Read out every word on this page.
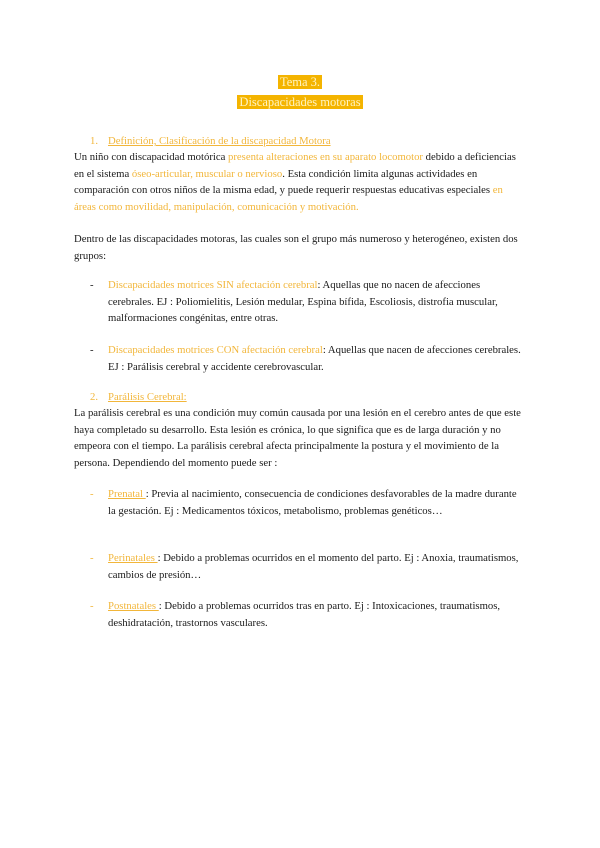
Tema 3.
Discapacidades motoras
1. Definición, Clasificación de la discapacidad Motora

Un niño con discapacidad motórica presenta alteraciones en su aparato locomotor debido a deficiencias en el sistema óseo-articular, muscular o nervioso. Esta condición limita algunas actividades en comparación con otros niños de la misma edad, y puede requerir respuestas educativas especiales en áreas como movilidad, manipulación, comunicación y motivación.

Dentro de las discapacidades motoras, las cuales son el grupo más numeroso y heterogéneo, existen dos grupos:

- Discapacidades motrices SIN afectación cerebral: Aquellas que no nacen de afecciones cerebrales. EJ : Poliomielitis, Lesión medular, Espina bífida, Escoliosis, distrofia muscular, malformaciones congénitas, entre otras.
- Discapacidades motrices CON afectación cerebral: Aquellas que nacen de afecciones cerebrales. EJ : Parálisis cerebral y accidente cerebrovascular.
2. Parálisis Cerebral:

La parálisis cerebral es una condición muy común causada por una lesión en el cerebro antes de que este haya completado su desarrollo. Esta lesión es crónica, lo que significa que es de larga duración y no empeora con el tiempo. La parálisis cerebral afecta principalmente la postura y el movimiento de la persona. Dependiendo del momento puede ser :

- Prenatal : Previa al nacimiento, consecuencia de condiciones desfavorables de la madre durante la gestación. Ej : Medicamentos tóxicos, metabolismo, problemas genéticos…
- Perinatales : Debido a problemas ocurridos en el momento del parto. Ej : Anoxia, traumatismos, cambios de presión…
- Postnatales : Debido a problemas ocurridos tras en parto. Ej : Intoxicaciones, traumatismos, deshidratación, trastornos vasculares.
